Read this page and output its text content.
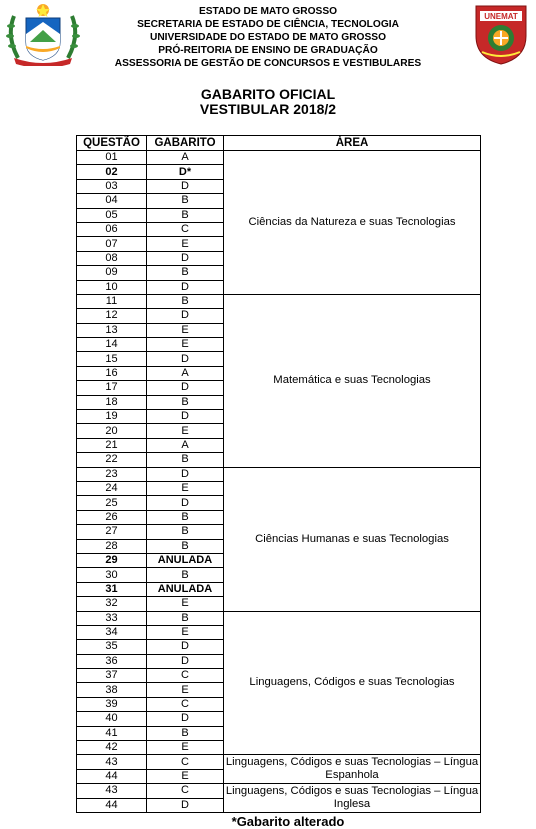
ESTADO DE MATO GROSSO
SECRETARIA DE ESTADO DE CIÊNCIA, TECNOLOGIA
UNIVERSIDADE DO ESTADO DE MATO GROSSO
PRÓ-REITORIA DE ENSINO DE GRADUAÇÃO
ASSESSORIA DE GESTÃO DE CONCURSOS E VESTIBULARES
UNEMAT
GABARITO OFICIAL
VESTIBULAR 2018/2
QUESTÃO	GABARITO	ÁREA
01	A	Ciências da Natureza e suas Tecnologias
02	D*	
03	D	
04	B	
05	B	
06	C	
07	E	
08	D	
09	B	
10	D	
11	B	Matemática e suas Tecnologias
12	D	
13	E	
14	E	
15	D	
16	A	
17	D	
18	B	
19	D	
20	E	
21	A	
22	B	
23	D	Ciências Humanas e suas Tecnologias
24	E	
25	D	
26	B	
27	B	
28	B	
29	ANULADA	
30	B	
31	ANULADA	
32	E	
33	B	Linguagens, Códigos e suas Tecnologias
34	E	
35	D	
36	D	
37	C	
38	E	
39	C	
40	D	
41	B	
42	E	
43	C	Linguagens, Códigos e suas Tecnologias – Língua Espanhola
44	E	
43	C	Linguagens, Códigos e suas Tecnologias – Língua Inglesa
44	D	
*Gabarito alterado
